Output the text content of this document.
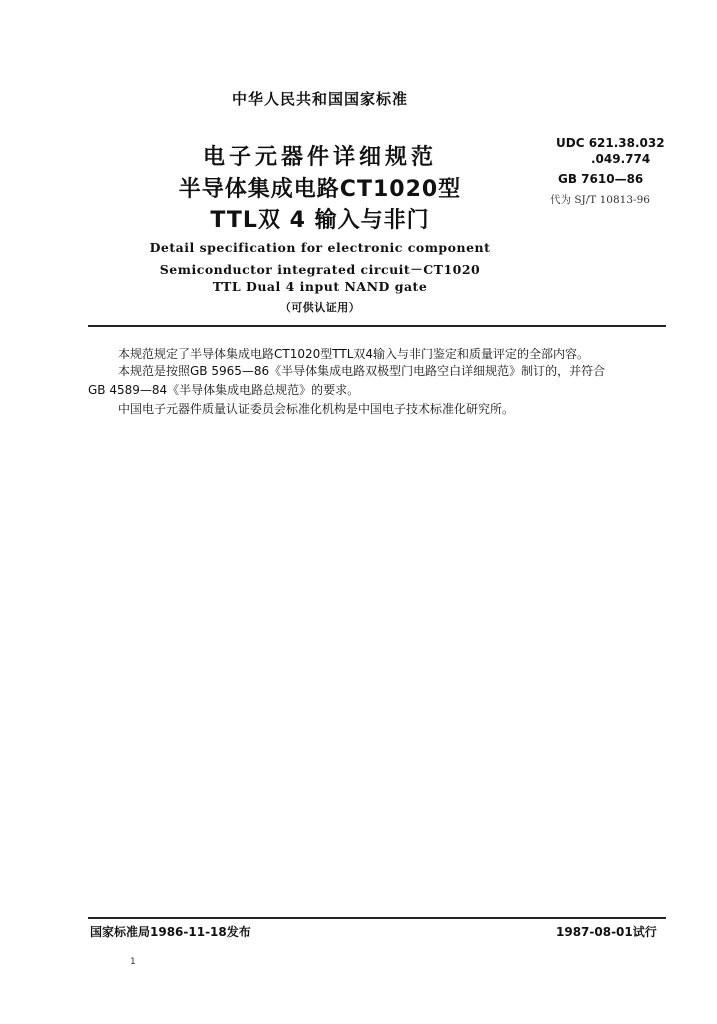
中华人民共和国国家标准
电子元器件详细规范
半导体集成电路CT1020型
TTL双 4 输入与非门
UDC 621.38.032
.049.774
GB 7610—86
代为 SJ/T 10813-96
Detail specification for electronic component
Semiconductor integrated circuit－CT1020
TTL Dual 4 input NAND gate
（可供认证用）
本规范规定了半导体集成电路CT1020型TTL双4输入与非门鉴定和质量评定的全部内容。
本规范是按照GB 5965—86《半导体集成电路双极型门电路空白详细规范》制订的，并符合
GB 4589—84《半导体集成电路总规范》的要求。
中国电子元器件质量认证委员会标准化机构是中国电子技术标准化研究所。
国家标准局1986-11-18发布	1987-08-01试行
1
